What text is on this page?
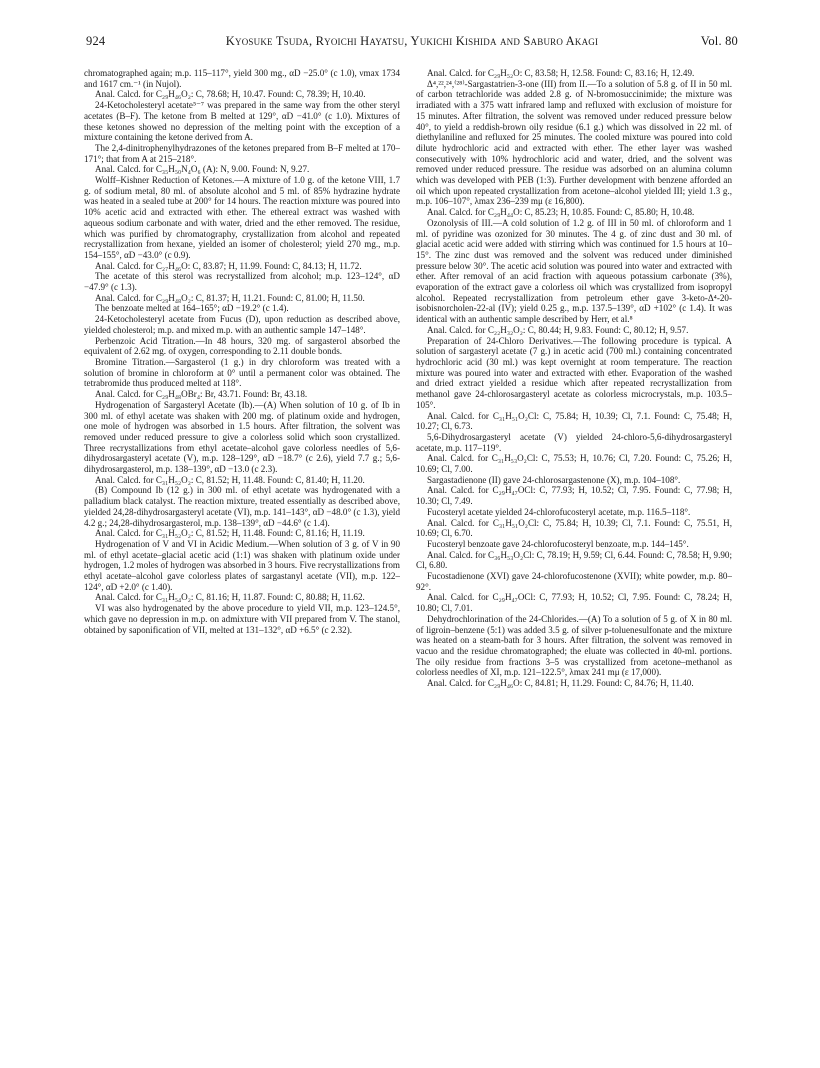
924	Kyosuke Tsuda, Ryoichi Hayatsu, Yukichi Kishida and Saburo Akagi	Vol. 80

chromatographed again; m.p. 115–117°, yield 300 mg., αD −25.0° (c 1.0), νmax 1734 and 1617 cm.⁻¹ (in Nujol).

Anal. Calcd. for C₂₉H₄₆O₂: C, 78.68; H, 10.47. Found: C, 78.39; H, 10.40.

24-Ketocholesteryl acetate⁵⁻⁷ was prepared in the same way from the other steryl acetates (B–F). The ketone from B melted at 129°, αD −41.0° (c 1.0). Mixtures of these ketones showed no depression of the melting point with the exception of a mixture containing the ketone derived from A.

The 2,4-dinitrophenylhydrazones of the ketones prepared from B–F melted at 170–171°; that from A at 215–218°.

Anal. Calcd. for C₃₅H₅₀N₄O₆ (A): N, 9.00. Found: N, 9.27.

Wolff–Kishner Reduction of Ketones.—A mixture of 1.0 g. of the ketone VIII, 1.7 g. of sodium metal, 80 ml. of absolute alcohol and 5 ml. of 85% hydrazine hydrate was heated in a sealed tube at 200° for 14 hours. The reaction mixture was poured into 10% acetic acid and extracted with ether. The ethereal extract was washed with aqueous sodium carbonate and with water, dried and the ether removed. The residue, which was purified by chromatography, crystallization from alcohol and repeated recrystallization from hexane, yielded an isomer of cholesterol; yield 270 mg., m.p. 154–155°, αD −43.0° (c 0.9).

Anal. Calcd. for C₂₇H₄₆O: C, 83.87; H, 11.99. Found: C, 84.13; H, 11.72.

The acetate of this sterol was recrystallized from alcohol; m.p. 123–124°, αD −47.9° (c 1.3).

Anal. Calcd. for C₂₉H₄₈O₂: C, 81.37; H, 11.21. Found: C, 81.00; H, 11.50.

The benzoate melted at 164–165°; αD −19.2° (c 1.4).

24-Ketocholesteryl acetate from Fucus (D), upon reduction as described above, yielded cholesterol; m.p. and mixed m.p. with an authentic sample 147–148°.

Perbenzoic Acid Titration.—In 48 hours, 320 mg. of sargasterol absorbed the equivalent of 2.62 mg. of oxygen, corresponding to 2.11 double bonds.

Bromine Titration.—Sargasterol (1 g.) in dry chloroform was treated with a solution of bromine in chloroform at 0° until a permanent color was obtained. The tetrabromide thus produced melted at 118°.

Anal. Calcd. for C₂₉H₄₈OBr₄: Br, 43.71. Found: Br, 43.18.

Hydrogenation of Sargasteryl Acetate (Ib).—(A) When solution of 10 g. of Ib in 300 ml. of ethyl acetate was shaken with 200 mg. of platinum oxide and hydrogen, one mole of hydrogen was absorbed in 1.5 hours. After filtration, the solvent was removed under reduced pressure to give a colorless solid which soon crystallized. Three recrystallizations from ethyl acetate–alcohol gave colorless needles of 5,6-dihydrosargasteryl acetate (V), m.p. 128–129°, αD −18.7° (c 2.6), yield 7.7 g.; 5,6-dihydrosargasterol, m.p. 138–139°, αD −13.0 (c 2.3).

Anal. Calcd. for C₃₁H₅₂O₂: C, 81.52; H, 11.48. Found: C, 81.40; H, 11.20.

(B) Compound Ib (12 g.) in 300 ml. of ethyl acetate was hydrogenated with a palladium black catalyst. The reaction mixture, treated essentially as described above, yielded 24,28-dihydrosargasteryl acetate (VI), m.p. 141–143°, αD −48.0° (c 1.3), yield 4.2 g.; 24,28-dihydrosargasterol, m.p. 138–139°, αD −44.6° (c 1.4).

Anal. Calcd. for C₃₁H₅₂O₂: C, 81.52; H, 11.48. Found: C, 81.16; H, 11.19.

Hydrogenation of V and VI in Acidic Medium.—When solution of 3 g. of V in 90 ml. of ethyl acetate–glacial acetic acid (1:1) was shaken with platinum oxide under hydrogen, 1.2 moles of hydrogen was absorbed in 3 hours. Five recrystallizations from ethyl acetate–alcohol gave colorless plates of sargastanyl acetate (VII), m.p. 122–124°, αD +2.0° (c 1.40).

Anal. Calcd. for C₃₁H₅₄O₂: C, 81.16; H, 11.87. Found: C, 80.88; H, 11.62.

VI was also hydrogenated by the above procedure to yield VII, m.p. 123–124.5°, which gave no depression in m.p. on admixture with VII prepared from V. The stanol, obtained by saponification of VII, melted at 131–132°, αD +6.5° (c 2.32).

Anal. Calcd. for C₂₉H₅₂O: C, 83.58; H, 12.58. Found: C, 83.16; H, 12.49.

Δ⁴,²²,²⁴,⁽²⁸⁾-Sargastatrien-3-one (III) from II.—To a solution of 5.8 g. of II in 50 ml. of carbon tetrachloride was added 2.8 g. of N-bromosuccinimide; the mixture was irradiated with a 375 watt infrared lamp and refluxed with exclusion of moisture for 15 minutes. After filtration, the solvent was removed under reduced pressure below 40°, to yield a reddish-brown oily residue (6.1 g.) which was dissolved in 22 ml. of diethylaniline and refluxed for 25 minutes. The cooled mixture was poured into cold dilute hydrochloric acid and extracted with ether. The ether layer was washed consecutively with 10% hydrochloric acid and water, dried, and the solvent was removed under reduced pressure. The residue was adsorbed on an alumina column which was developed with PEB (1:3). Further development with benzene afforded an oil which upon repeated crystallization from acetone–alcohol yielded III; yield 1.3 g., m.p. 106–107°, λmax 236–239 mμ (ε 16,800).

Anal. Calcd. for C₂₉H₄₄O: C, 85.23; H, 10.85. Found: C, 85.80; H, 10.48.

Ozonolysis of III.—A cold solution of 1.2 g. of III in 50 ml. of chloroform and 1 ml. of pyridine was ozonized for 30 minutes. The 4 g. of zinc dust and 30 ml. of glacial acetic acid were added with stirring which was continued for 1.5 hours at 10–15°. The zinc dust was removed and the solvent was reduced under diminished pressure below 30°. The acetic acid solution was poured into water and extracted with ether. After removal of an acid fraction with aqueous potassium carbonate (3%), evaporation of the extract gave a colorless oil which was crystallized from isopropyl alcohol. Repeated recrystallization from petroleum ether gave 3-keto-Δ⁴-20-isobisnorcholen-22-al (IV); yield 0.25 g., m.p. 137.5–139°, αD +102° (c 1.4). It was identical with an authentic sample described by Herr, et al.⁸

Anal. Calcd. for C₂₂H₃₂O₂: C, 80.44; H, 9.83. Found: C, 80.12; H, 9.57.

Preparation of 24-Chloro Derivatives.—The following procedure is typical. A solution of sargasteryl acetate (7 g.) in acetic acid (700 ml.) containing concentrated hydrochloric acid (30 ml.) was kept overnight at room temperature. The reaction mixture was poured into water and extracted with ether. Evaporation of the washed and dried extract yielded a residue which after repeated recrystallization from methanol gave 24-chlorosargasteryl acetate as colorless microcrystals, m.p. 103.5–105°.

Anal. Calcd. for C₃₁H₅₁O₂Cl: C, 75.84; H, 10.39; Cl, 7.1. Found: C, 75.48; H, 10.27; Cl, 6.73.

5,6-Dihydrosargasteryl acetate (V) yielded 24-chloro-5,6-dihydrosargasteryl acetate, m.p. 117–119°.

Anal. Calcd. for C₃₁H₅₃O₂Cl: C, 75.53; H, 10.76; Cl, 7.20. Found: C, 75.26; H, 10.69; Cl, 7.00.

Sargastadienone (II) gave 24-chlorosargastenone (X), m.p. 104–108°.

Anal. Calcd. for C₂₉H₄₇OCl: C, 77.93; H, 10.52; Cl, 7.95. Found: C, 77.98; H, 10.30; Cl, 7.49.

Fucosteryl acetate yielded 24-chlorofucosteryl acetate, m.p. 116.5–118°.

Anal. Calcd. for C₃₁H₅₁O₂Cl: C, 75.84; H, 10.39; Cl, 7.1. Found: C, 75.51, H, 10.69; Cl, 6.70.

Fucosteryl benzoate gave 24-chlorofucosteryl benzoate, m.p. 144–145°.

Anal. Calcd. for C₃₆H₅₃O₂Cl: C, 78.19; H, 9.59; Cl, 6.44. Found: C, 78.58; H, 9.90; Cl, 6.80.

Fucostadienone (XVI) gave 24-chlorofucostenone (XVII); white powder, m.p. 80–92°.

Anal. Calcd. for C₂₉H₄₇OCl: C, 77.93; H, 10.52; Cl, 7.95. Found: C, 78.24; H, 10.80; Cl, 7.01.

Dehydrochlorination of the 24-Chlorides.—(A) To a solution of 5 g. of X in 80 ml. of ligroin–benzene (5:1) was added 3.5 g. of silver p-toluenesulfonate and the mixture was heated on a steam-bath for 3 hours. After filtration, the solvent was removed in vacuo and the residue chromatographed; the eluate was collected in 40-ml. portions. The oily residue from fractions 3–5 was crystallized from acetone–methanol as colorless needles of XI, m.p. 121–122.5°, λmax 241 mμ (ε 17,000).

Anal. Calcd. for C₂₉H₄₆O: C, 84.81; H, 11.29. Found: C, 84.76; H, 11.40.
